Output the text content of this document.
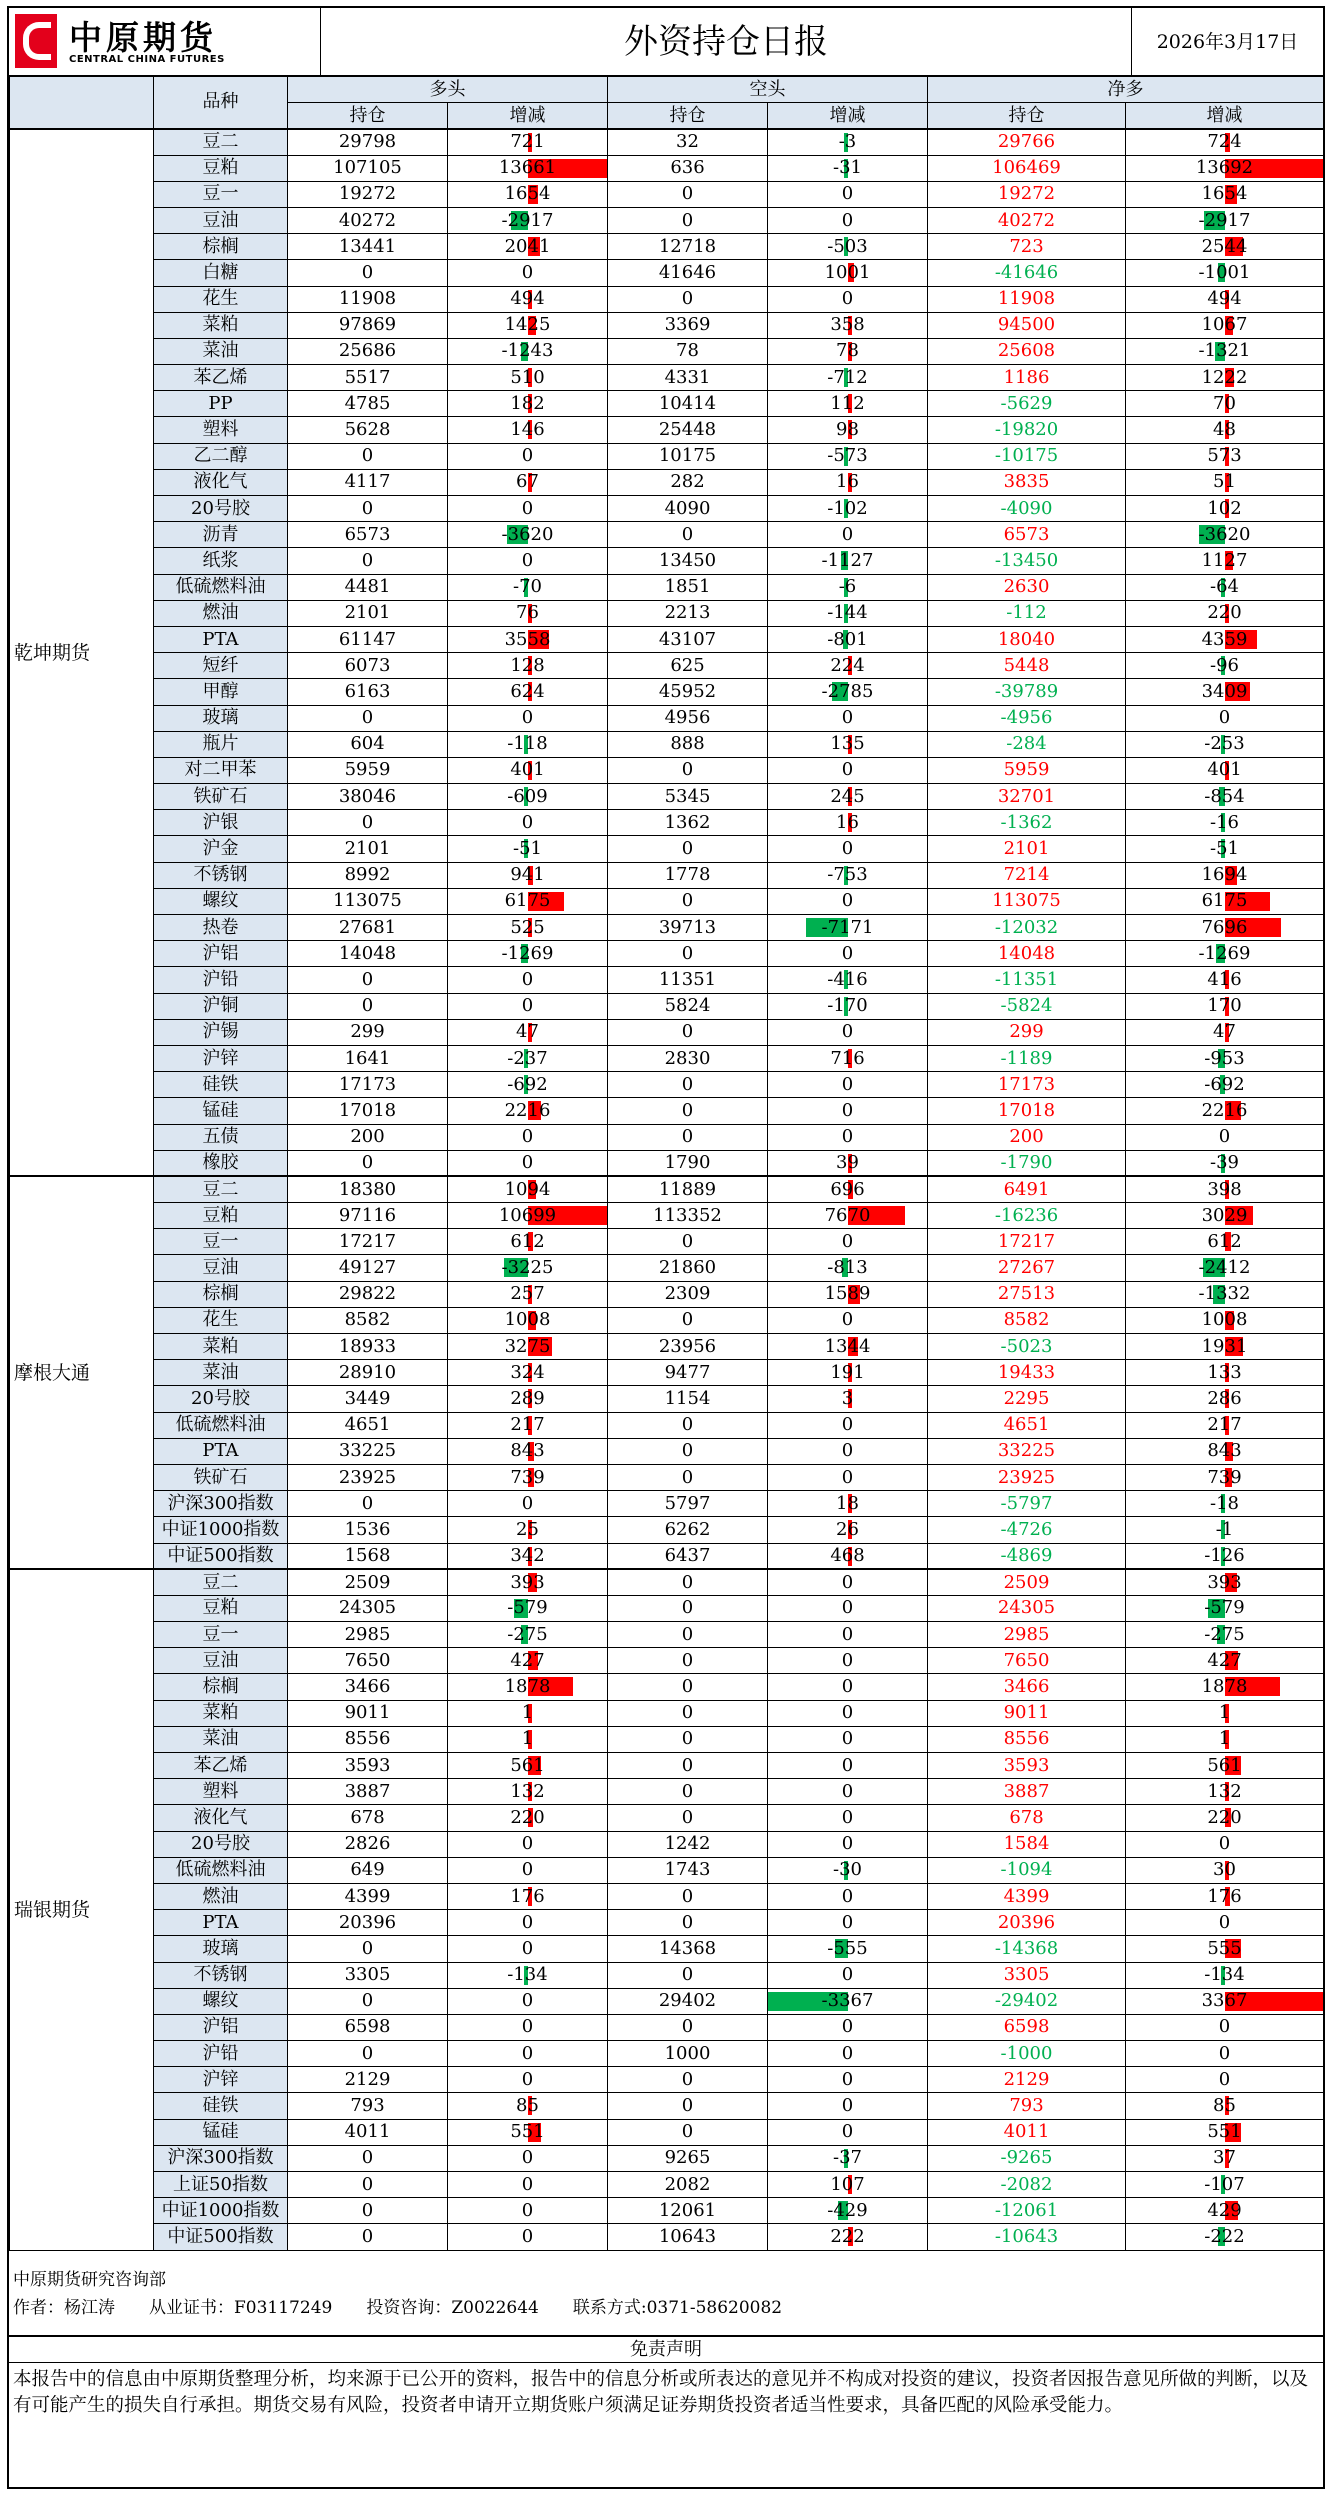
中原期货
CENTRAL CHINA FUTURES	外资持仓日报	2026年3月17日
	品种	多头		空头		净多	
		持仓	增减	持仓	增减	持仓	增减
乾坤期货	豆二	29798	721	32	-3	29766	724
	豆粕	107105	13661	636	-31	106469	13692
	豆一	19272	1654	0	0	19272	1654
	豆油	40272	-2917	0	0	40272	-2917
	棕榈	13441	2041	12718	-503	723	2544
	白糖	0	0	41646	1001	-41646	-1001
	花生	11908	494	0	0	11908	494
	菜粕	97869	1425	3369	358	94500	1067
	菜油	25686	-1243	78	78	25608	-1321
	苯乙烯	5517	510	4331	-712	1186	1222
	PP	4785	182	10414	112	-5629	70
	塑料	5628	146	25448	98	-19820	48
	乙二醇	0	0	10175	-573	-10175	573
	液化气	4117	67	282	16	3835	51
	20号胶	0	0	4090	-102	-4090	102
	沥青	6573	-3620	0	0	6573	-3620
	纸浆	0	0	13450	-1127	-13450	1127
	低硫燃料油	4481	-70	1851	-6	2630	-64
	燃油	2101	76	2213	-144	-112	220
	PTA	61147	3558	43107	-801	18040	4359
	短纤	6073	128	625	224	5448	-96
	甲醇	6163	624	45952	-2785	-39789	3409
	玻璃	0	0	4956	0	-4956	0
	瓶片	604	-118	888	135	-284	-253
	对二甲苯	5959	401	0	0	5959	401
	铁矿石	38046	-609	5345	245	32701	-854
	沪银	0	0	1362	16	-1362	-16
	沪金	2101	-51	0	0	2101	-51
	不锈钢	8992	941	1778	-753	7214	1694
	螺纹	113075	6175	0	0	113075	6175
	热卷	27681	525	39713	-7171	-12032	7696
	沪铝	14048	-1269	0	0	14048	-1269
	沪铅	0	0	11351	-416	-11351	416
	沪铜	0	0	5824	-170	-5824	170
	沪锡	299	47	0	0	299	47
	沪锌	1641	-237	2830	716	-1189	-953
	硅铁	17173	-692	0	0	17173	-692
	锰硅	17018	2216	0	0	17018	2216
	五债	200	0	0	0	200	0
	橡胶	0	0	1790	39	-1790	-39
摩根大通	豆二	18380	1094	11889	696	6491	398
	豆粕	97116	10699	113352	7670	-16236	3029
	豆一	17217	612	0	0	17217	612
	豆油	49127	-3225	21860	-813	27267	-2412
	棕榈	29822	257	2309	1589	27513	-1332
	花生	8582	1008	0	0	8582	1008
	菜粕	18933	3275	23956	1344	-5023	1931
	菜油	28910	324	9477	191	19433	133
	20号胶	3449	289	1154	3	2295	286
	低硫燃料油	4651	217	0	0	4651	217
	PTA	33225	843	0	0	33225	843
	铁矿石	23925	739	0	0	23925	739
	沪深300指数	0	0	5797	18	-5797	-18
	中证1000指数	1536	25	6262	26	-4726	-1
	中证500指数	1568	342	6437	468	-4869	-126
瑞银期货	豆二	2509	393	0	0	2509	393
	豆粕	24305	-579	0	0	24305	-579
	豆一	2985	-275	0	0	2985	-275
	豆油	7650	427	0	0	7650	427
	棕榈	3466	1878	0	0	3466	1878
	菜粕	9011	1	0	0	9011	1
	菜油	8556	1	0	0	8556	1
	苯乙烯	3593	561	0	0	3593	561
	塑料	3887	132	0	0	3887	132
	液化气	678	220	0	0	678	220
	20号胶	2826	0	1242	0	1584	0
	低硫燃料油	649	0	1743	-30	-1094	30
	燃油	4399	176	0	0	4399	176
	PTA	20396	0	0	0	20396	0
	玻璃	0	0	14368	-555	-14368	555
	不锈钢	3305	-134	0	0	3305	-134
	螺纹	0	0	29402	-3367	-29402	3367
	沪铝	6598	0	0	0	6598	0
	沪铅	0	0	1000	0	-1000	0
	沪锌	2129	0	0	0	2129	0
	硅铁	793	85	0	0	793	85
	锰硅	4011	551	0	0	4011	551
	沪深300指数	0	0	9265	-37	-9265	37
	上证50指数	0	0	2082	107	-2082	-107
	中证1000指数	0	0	12061	-429	-12061	429
	中证500指数	0	0	10643	222	-10643	-222
中原期货研究咨询部
作者：杨江涛　　从业证书：F03117249　　投资咨询：Z0022644　　联系方式:0371-58620082
免责声明
本报告中的信息由中原期货整理分析，均来源于已公开的资料，报告中的信息分析或所表达的意见并不构成对投资的建议，投资者因报告意见所做的判断，以及有可能产生的损失自行承担。期货交易有风险，投资者申请开立期货账户须满足证券期货投资者适当性要求，具备匹配的风险承受能力。
